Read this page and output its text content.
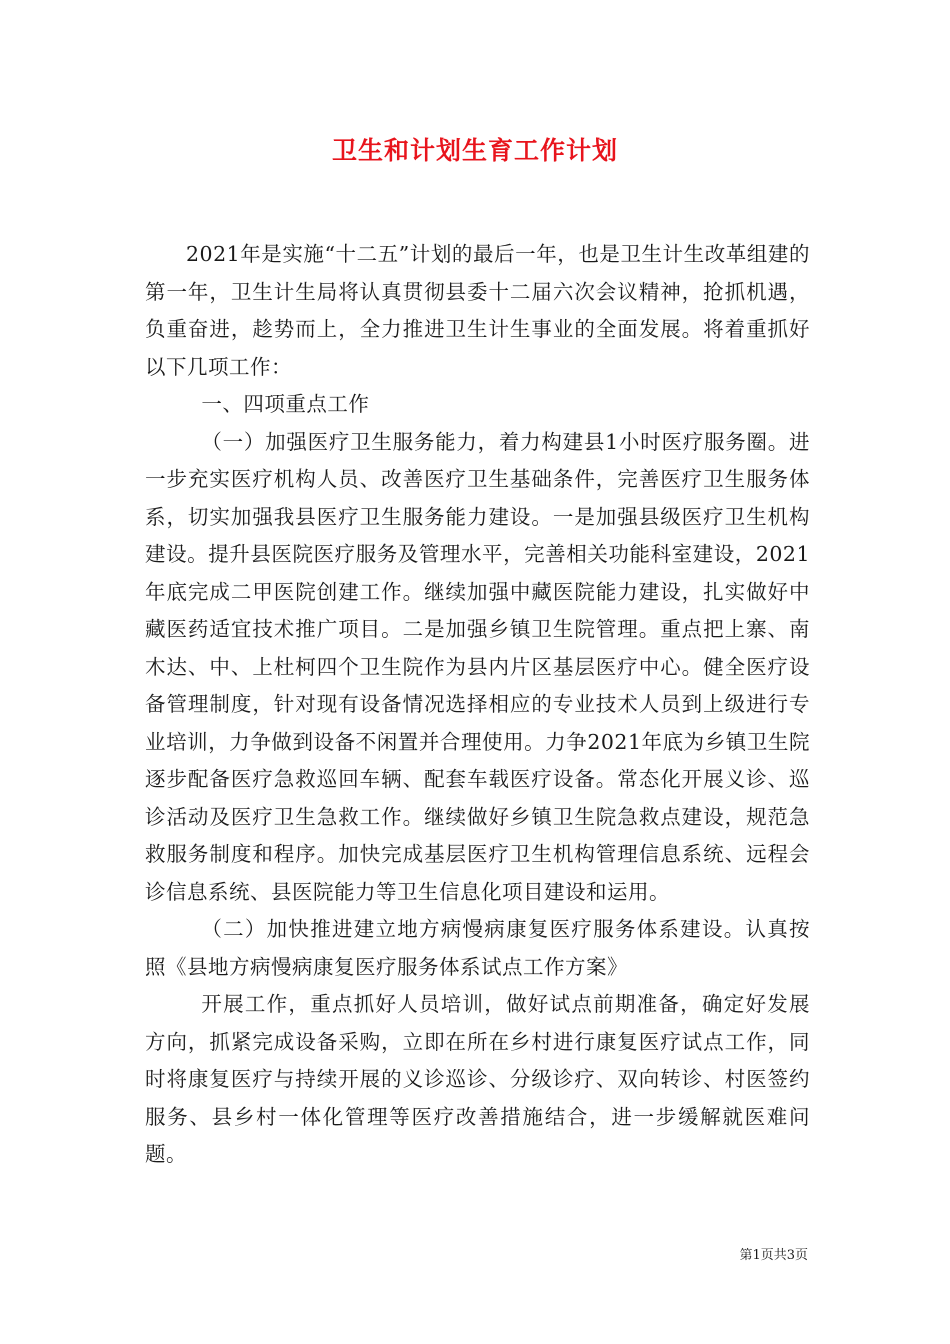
卫生和计划生育工作计划

2021年是实施“十二五”计划的最后一年，也是卫生计生改革组建的第一年，卫生计生局将认真贯彻县委十二届六次会议精神，抢抓机遇，负重奋进，趁势而上，全力推进卫生计生事业的全面发展。将着重抓好以下几项工作：

一、四项重点工作

（一）加强医疗卫生服务能力，着力构建县1小时医疗服务圈。进一步充实医疗机构人员、改善医疗卫生基础条件，完善医疗卫生服务体系，切实加强我县医疗卫生服务能力建设。一是加强县级医疗卫生机构建设。提升县医院医疗服务及管理水平，完善相关功能科室建设，2021年底完成二甲医院创建工作。继续加强中藏医院能力建设，扎实做好中藏医药适宜技术推广项目。二是加强乡镇卫生院管理。重点把上寨、南木达、中、上杜柯四个卫生院作为县内片区基层医疗中心。健全医疗设备管理制度，针对现有设备情况选择相应的专业技术人员到上级进行专业培训，力争做到设备不闲置并合理使用。力争2021年底为乡镇卫生院逐步配备医疗急救巡回车辆、配套车载医疗设备。常态化开展义诊、巡诊活动及医疗卫生急救工作。继续做好乡镇卫生院急救点建设，规范急救服务制度和程序。加快完成基层医疗卫生机构管理信息系统、远程会诊信息系统、县医院能力等卫生信息化项目建设和运用。

（二）加快推进建立地方病慢病康复医疗服务体系建设。认真按照《县地方病慢病康复医疗服务体系试点工作方案》

开展工作，重点抓好人员培训，做好试点前期准备，确定好发展方向，抓紧完成设备采购，立即在所在乡村进行康复医疗试点工作，同时将康复医疗与持续开展的义诊巡诊、分级诊疗、双向转诊、村医签约服务、县乡村一体化管理等医疗改善措施结合，进一步缓解就医难问题。

第1页共3页
